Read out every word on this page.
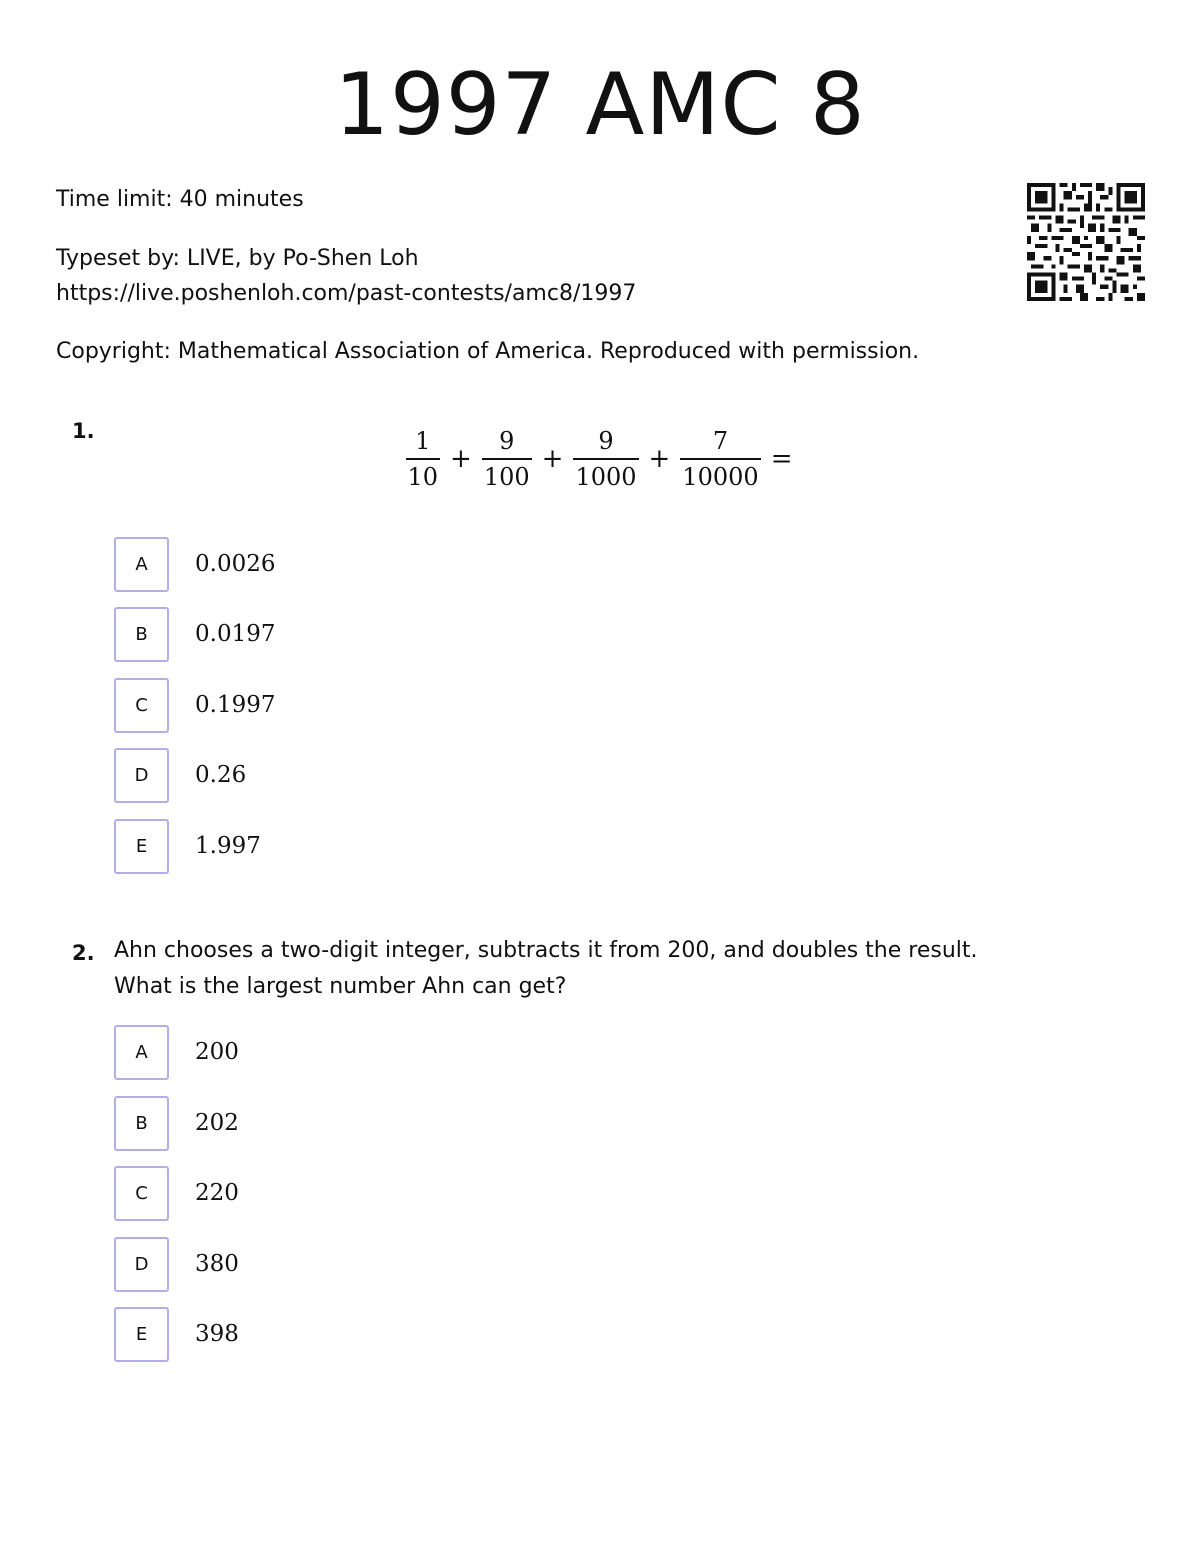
1997 AMC 8
Time limit: 40 minutes
Typeset by: LIVE, by Po-Shen Loh
https://live.poshenloh.com/past-contests/amc8/1997
Copyright: Mathematical Association of America. Reproduced with permission.
1.	$\frac{1}{10} + \frac{9}{100} + \frac{9}{1000} + \frac{7}{10000}$ =
A	0.0026
B	0.0197
C	0.1997
D	0.26
E	1.997
2. Ahn chooses a two-digit integer, subtracts it from 200, and doubles the result.
What is the largest number Ahn can get?
A	200
B	202
C	220
D	380
E	398
